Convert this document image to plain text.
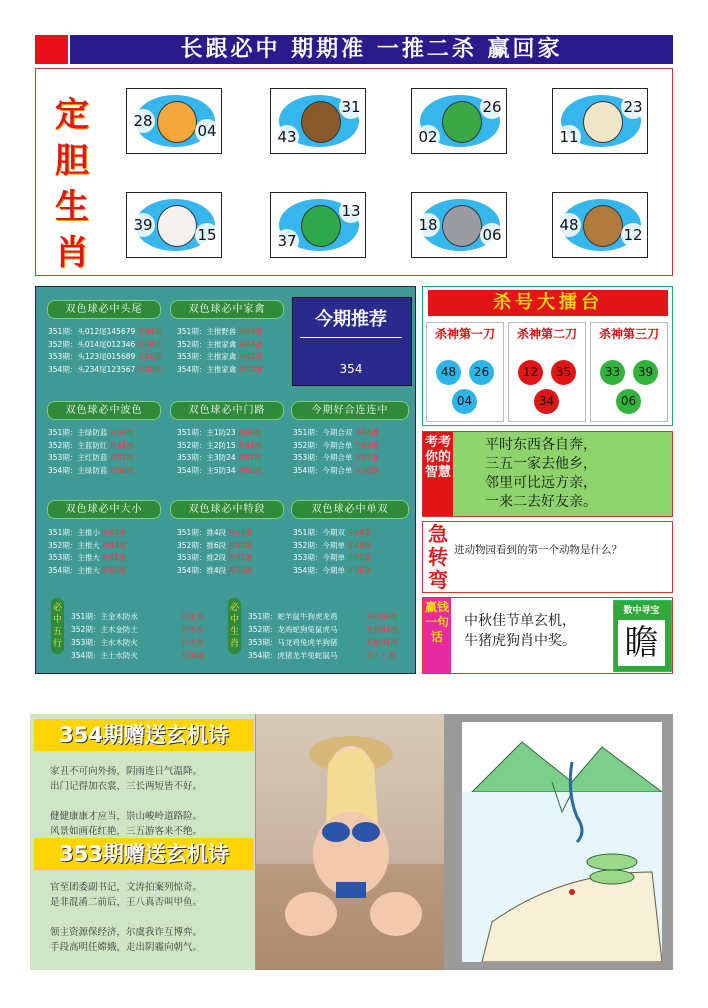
长跟必中 期期准 一推二杀 赢回家
定胆生肖
28
04	43
31
02
26
11
23
39
15	37
13
18
06
48
12
双色球必中头尾
351期：头012尾145679 开04准
352期：头014尾012346 开44准
353期：头123尾015689 开01准
354期：头234尾123567 开00准
双色球必中家禽
351期：主推野兽 开04准
352期：主推家禽 开44准
353期：主推家禽 开01准
354期：主推家禽 开00准
今期推荐
354
双色球必中波色
351期：主绿防蓝 开04准
352期：主蓝防红 开44准
353期：主红防蓝 开01准
354期：主绿防蓝 开00准
双色球必中门路
351期：主1防23 开04准
352期：主2防15 开44准
353期：主3防24 开01准
354期：主5防34 开00准
今期好合连连中
351期：今期合双 开04准
352期：今期合单 开44准
353期：今期合单 开01准
354期：今期合单 开00准
双色球必中大小
351期：主推小 开04准
352期：主推大 开44准
353期：主推大 开01准
354期：主推大 开00准
双色球必中特段
351期：推4段 开04准
352期：推6段 开44准
353期：推2段 开01准
354期：推4段 开00准
双色球必中单双
351期：今期双 开04准
352期：今期单 开44准
353期：今期单 开01准
354期：今期单 开00准
必中五行
351期：主金木防水	开金准
352期：主木金防土	开木准
353期：主水木防火	开火准
354期：主土水防火	开00准
必中生肖
351期：蛇羊鼠牛狗虎龙鸡	开鸡04准
352期：龙鸡蛇狗兔鼠虎马	开狗44准
353期：马龙鸡兔虎羊狗猪	开蛇01准
354期：虎猪龙羊兔蛇鼠马	开？？准
杀号大擂台
杀神第一刀
48	26
04
杀神第二刀
12	35
34
杀神第三刀
33	39
06
考考你的智慧
平时东西各自奔，
三五一家去他乡，
邻里可比远方亲，
一来二去好友亲。
急转弯
进动物园看到的第一个动物是什么？
赢钱一句话
中秋佳节单玄机，
牛猪虎狗肖中奖。
数中寻宝
瞻
354期赠送玄机诗
家丑不可向外扬，阴雨连日气温降。
出门记得加衣裳，三长两短皆不好。
健健康康才应当，崇山峻岭道路险。
风景如画花红艳，三五游客来不绝。
353期赠送玄机诗
官至团委副书记，文涛拍案列惊奇。
是非混淆二前后，王八真否叫甲鱼。
领主资源保经济，尔虞我诈互博弈。
手段高明任嫦娥，走出阴霾向朝气。
